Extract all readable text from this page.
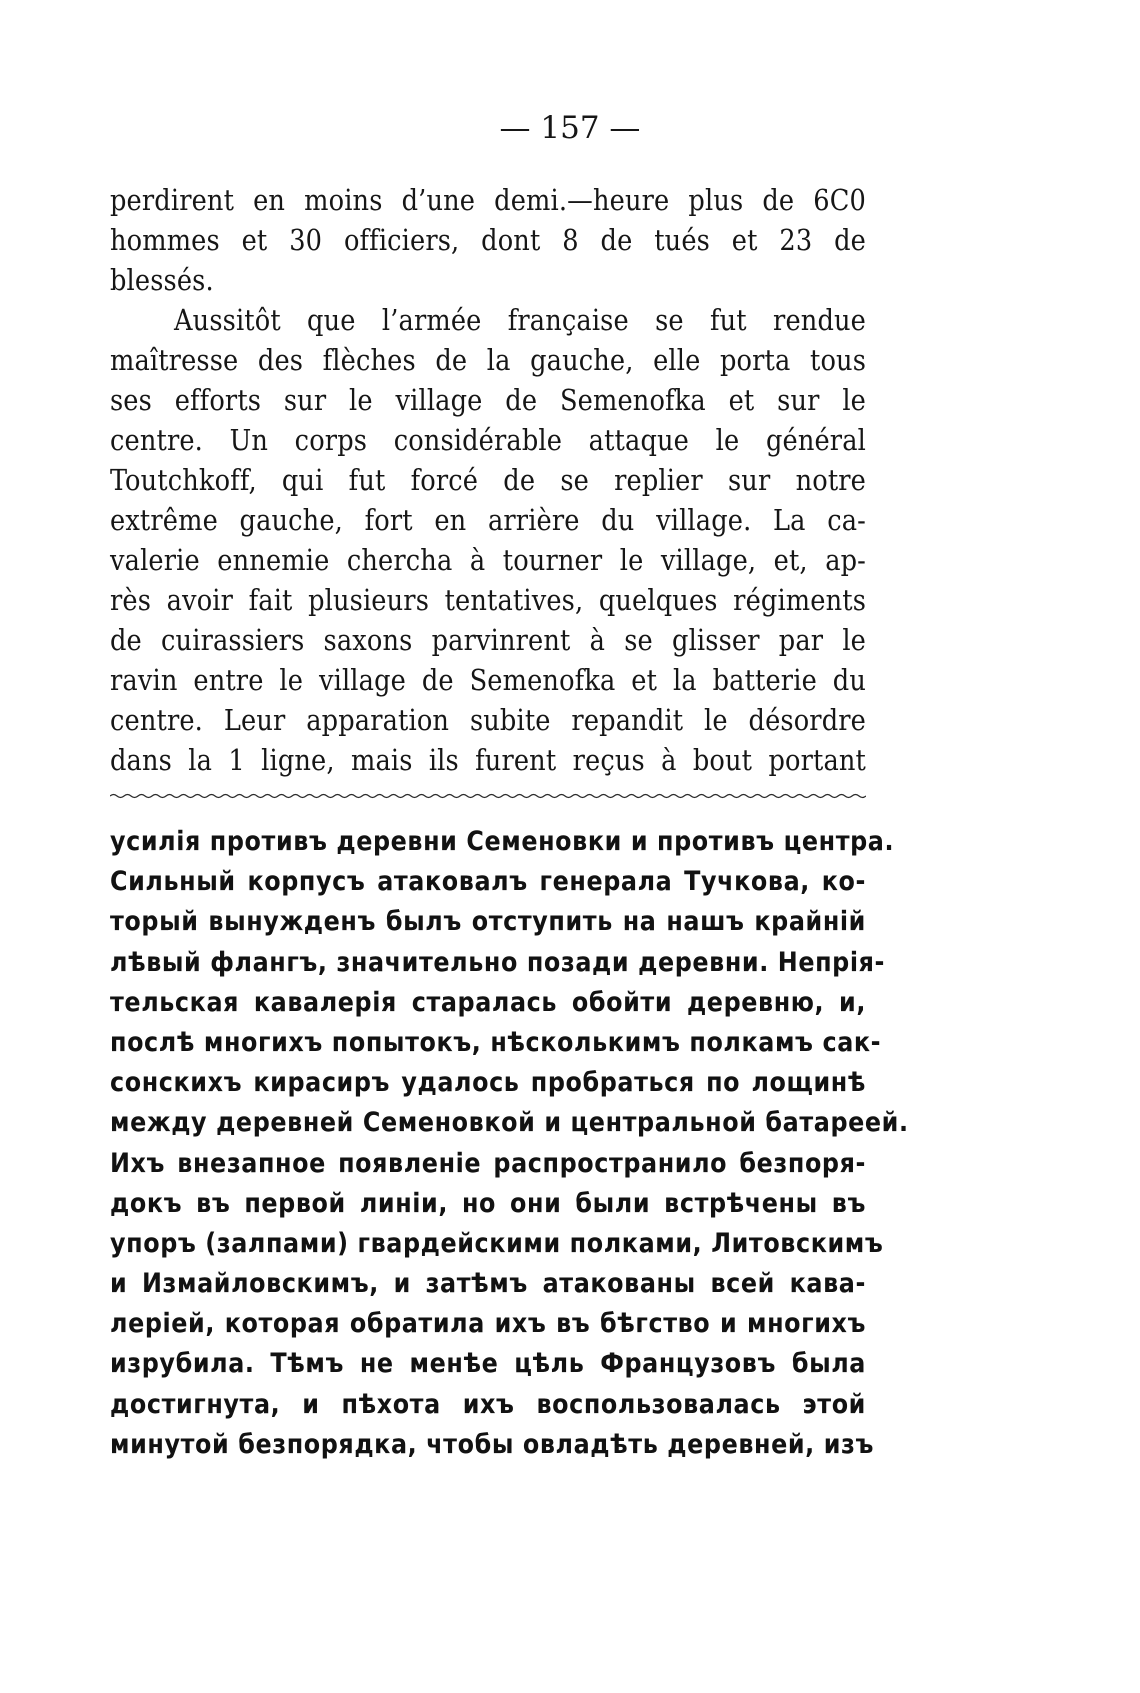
— 157 —
perdirent en moins d’une demi.—heure plus de 6C0
hommes et 30 officiers, dont 8 de tués et 23 de
blessés.
Aussitôt que l’armée française se fut rendue
maîtresse des flèches de la gauche, elle porta tous
ses efforts sur le village de Semenofka et sur le
centre. Un corps considérable attaque le général
Toutchkoff, qui fut forcé de se replier sur notre
extrême gauche, fort en arrière du village. La ca-
valerie ennemie chercha à tourner le village, et, ap-
rès avoir fait plusieurs tentatives, quelques régiments
de cuirassiers saxons parvinrent à se glisser par le
ravin entre le village de Semenofka et la batterie du
centre. Leur apparation subite repandit le désordre
dans la 1 ligne, mais ils furent reçus à bout portant
усилія противъ деревни Семеновки и противъ центра.
Сильный корпусъ атаковалъ генерала Тучкова, ко-
торый вынужденъ былъ отступить на нашъ крайній
лѣвый флангъ, значительно позади деревни. Непрія-
тельская кавалерія старалась обойти деревню, и,
послѣ многихъ попытокъ, нѣсколькимъ полкамъ сак-
сонскихъ кирасиръ удалось пробраться по лощинѣ
между деревней Семеновкой и центральной батареей.
Ихъ внезапное появленіе распространило безпоря-
докъ въ первой линіи, но они были встрѣчены въ
упоръ (залпами) гвардейскими полками, Литовскимъ
и Измайловскимъ, и затѣмъ атакованы всей кава-
леріей, которая обратила ихъ въ бѣгство и многихъ
изрубила. Тѣмъ не менѣе цѣль Французовъ была
достигнута, и пѣхота ихъ воспользовалась этой
минутой безпорядка, чтобы овладѣть деревней, изъ
